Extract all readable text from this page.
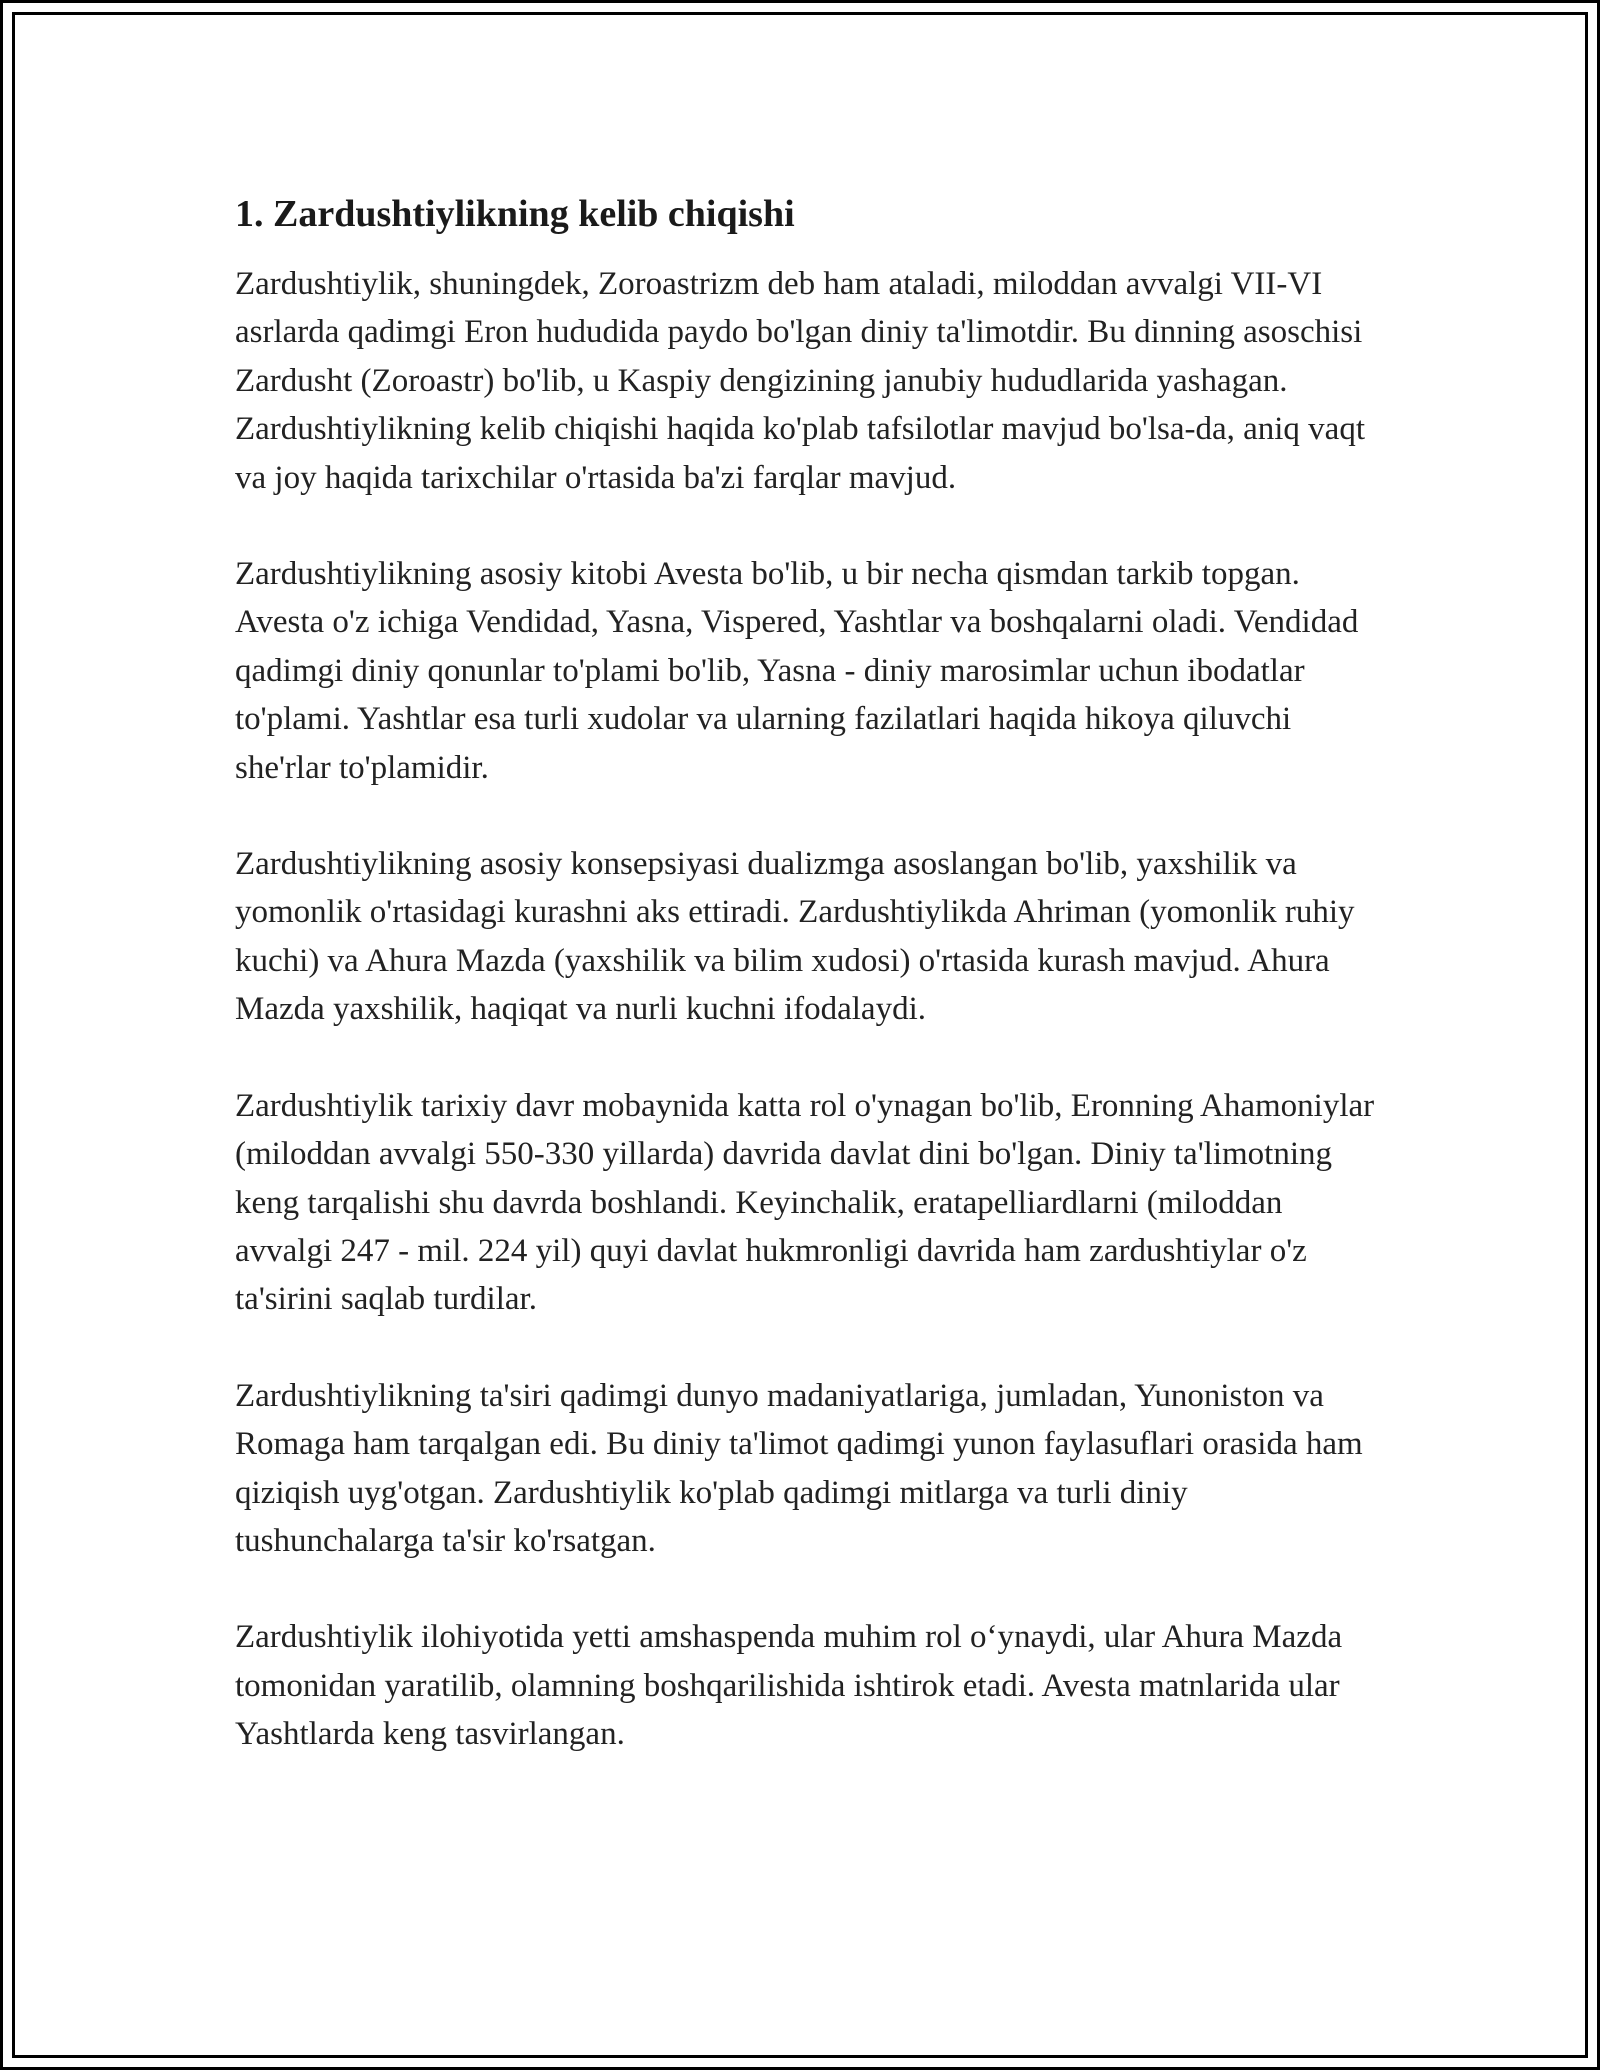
1. Zardushtiylikning kelib chiqishi

Zardushtiylik, shuningdek, Zoroastrizm deb ham ataladi, miloddan avvalgi VII-VI asrlarda qadimgi Eron hududida paydo bo'lgan diniy ta'limotdir. Bu dinning asoschisi Zardusht (Zoroastr) bo'lib, u Kaspiy dengizining janubiy hududlarida yashagan. Zardushtiylikning kelib chiqishi haqida ko'plab tafsilotlar mavjud bo'lsa-da, aniq vaqt va joy haqida tarixchilar o'rtasida ba'zi farqlar mavjud.

Zardushtiylikning asosiy kitobi Avesta bo'lib, u bir necha qismdan tarkib topgan. Avesta o'z ichiga Vendidad, Yasna, Vispered, Yashtlar va boshqalarni oladi. Vendidad qadimgi diniy qonunlar to'plami bo'lib, Yasna - diniy marosimlar uchun ibodatlar to'plami. Yashtlar esa turli xudolar va ularning fazilatlari haqida hikoya qiluvchi she'rlar to'plamidir.

Zardushtiylikning asosiy konsepsiyasi dualizmga asoslangan bo'lib, yaxshilik va yomonlik o'rtasidagi kurashni aks ettiradi. Zardushtiylikda Ahriman (yomonlik ruhiy kuchi) va Ahura Mazda (yaxshilik va bilim xudosi) o'rtasida kurash mavjud. Ahura Mazda yaxshilik, haqiqat va nurli kuchni ifodalaydi.

Zardushtiylik tarixiy davr mobaynida katta rol o'ynagan bo'lib, Eronning Ahamoniylar (miloddan avvalgi 550-330 yillarda) davrida davlat dini bo'lgan. Diniy ta'limotning keng tarqalishi shu davrda boshlandi. Keyinchalik, eratapelliardlarni (miloddan avvalgi 247 - mil. 224 yil) quyi davlat hukmronligi davrida ham zardushtiylar o'z ta'sirini saqlab turdilar.

Zardushtiylikning ta'siri qadimgi dunyo madaniyatlariga, jumladan, Yunoniston va Romaga ham tarqalgan edi. Bu diniy ta'limot qadimgi yunon faylasuflari orasida ham qiziqish uyg'otgan. Zardushtiylik ko'plab qadimgi mitlarga va turli diniy tushunchalarga ta'sir ko'rsatgan.

Zardushtiylik ilohiyotida yetti amshaspenda muhim rol o‘ynaydi, ular Ahura Mazda tomonidan yaratilib, olamning boshqarilishida ishtirok etadi. Avesta matnlarida ular Yashtlarda keng tasvirlangan.
